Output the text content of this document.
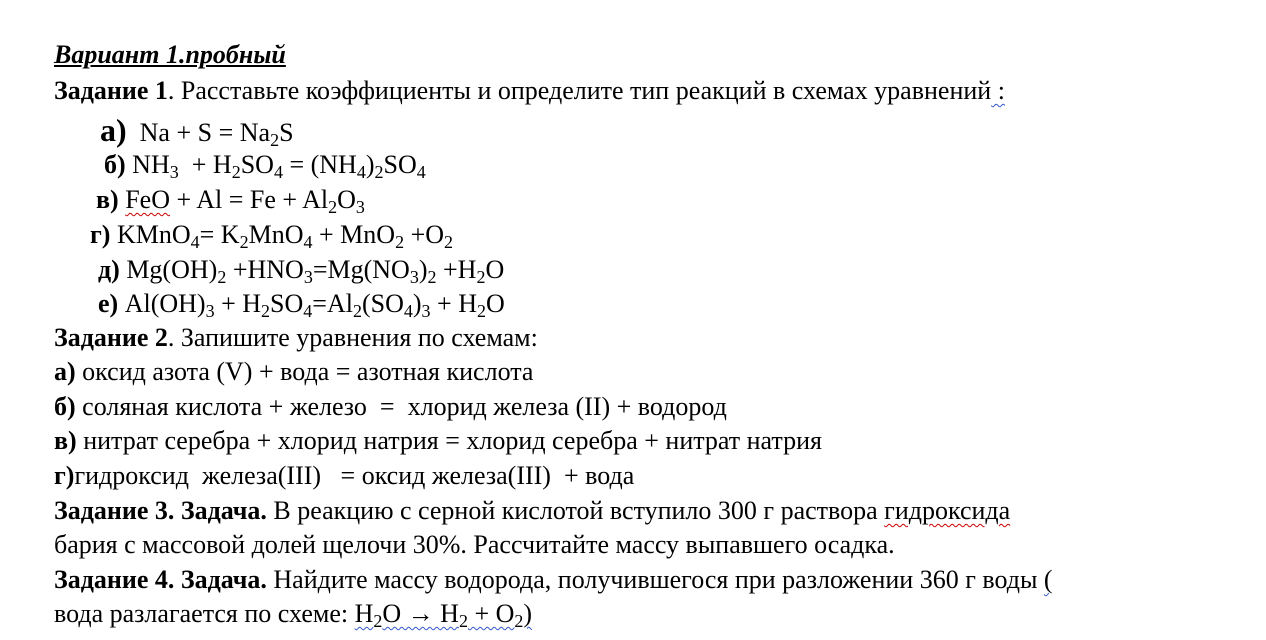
Вариант 1.пробный
Задание 1. Расставьте коэффициенты и определите тип реакций в схемах уравнений :
а) $Na + S = Na_2S$
б) $NH_3 + H_2SO_4 = (NH_4)_2SO_4$
в) FeO + $Al = Fe + Al_2O_3$
г) KMnO$_4$= $K_2MnO_4 + MnO_2 +O_2$
д) $Mg(OH)_2 +HNO_3=Mg(NO_3)_2 +H_2O$
е) $Al(OH)_3 + H_2SO_4=Al_2(SO_4)_3 + H_2O$
Задание 2. Запишите уравнения по схемам:
а) оксид азота (V) + вода = азотная кислота
б) соляная кислота + железо  =  хлорид железа (II) + водород
в) нитрат серебра + хлорид натрия = хлорид серебра + нитрат натрия
г)гидроксид  железа(III)   = оксид железа(III)  + вода
Задание 3. Задача. В реакцию с серной кислотой вступило 300 г раствора гидроксида
бария с массовой долей щелочи 30%. Рассчитайте массу выпавшего осадка.
Задание 4. Задача. Найдите массу водорода, получившегося при разложении 360 г воды (
вода разлагается по схеме: $H_2O \to H_2 + O_2$)
